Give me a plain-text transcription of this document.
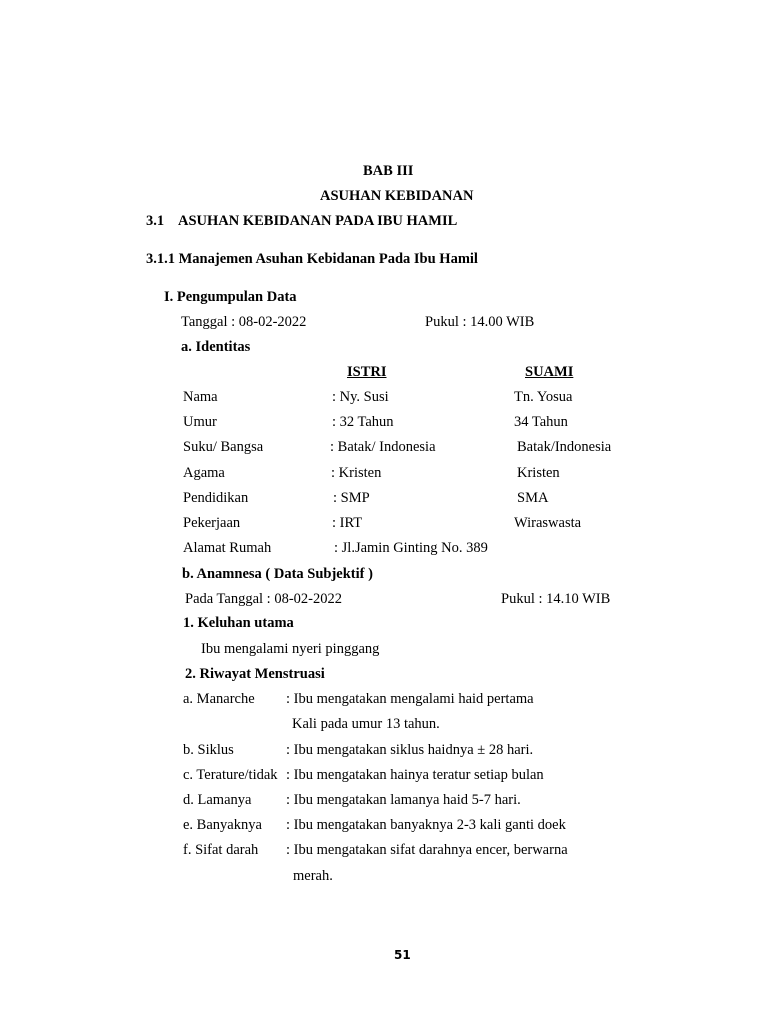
BAB III
ASUHAN KEBIDANAN
3.1 ASUHAN KEBIDANAN PADA IBU HAMIL
3.1.1 Manajemen Asuhan Kebidanan Pada Ibu Hamil
I. Pengumpulan Data
Tanggal : 08-02-2022	Pukul : 14.00 WIB
a. Identitas
ISTRI	SUAMI
Nama	: Ny. Susi	Tn. Yosua
Umur	: 32 Tahun	34 Tahun
Suku/ Bangsa	: Batak/ Indonesia	Batak/Indonesia
Agama	: Kristen	Kristen
Pendidikan	: SMP	SMA
Pekerjaan	: IRT	Wiraswasta
Alamat Rumah	: Jl.Jamin Ginting No. 389
b. Anamnesa ( Data Subjektif )
Pada Tanggal : 08-02-2022	Pukul : 14.10 WIB
1. Keluhan utama
Ibu mengalami nyeri pinggang
2. Riwayat Menstruasi
a. Manarche : Ibu mengatakan mengalami haid pertama
Kali pada umur 13 tahun.
b. Siklus	: Ibu mengatakan siklus haidnya ± 28 hari.
c. Terature/tidak : Ibu mengatakan hainya teratur setiap bulan
d. Lamanya : Ibu mengatakan lamanya haid 5-7 hari.
e. Banyaknya : Ibu mengatakan banyaknya 2-3 kali ganti doek
f. Sifat darah : Ibu mengatakan sifat darahnya encer, berwarna
merah.
51
